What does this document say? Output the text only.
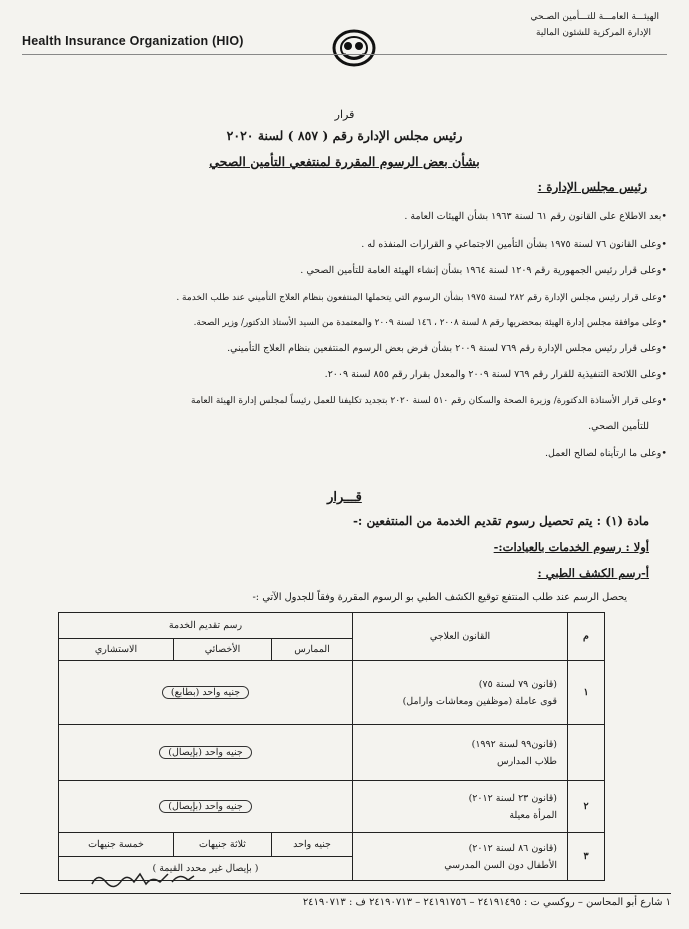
Health Insurance Organization (HIO)
الهيئـــة العامـــة للتـــأمين الصـحي
الإدارة المركزية للشئون المالية
قرار
رئيس مجلس الإدارة رقم ( ٨٥٧ ) لسنة ٢٠٢٠
بشأن بعض الرسوم المقررة لمنتفعي التأمين الصحي
رئيس مجلس الإدارة :
•بعد الاطلاع على القانون رقم ٦١ لسنة ١٩٦٣ بشأن الهيئات العامة .
•وعلى القانون ٧٦ لسنة ١٩٧٥ بشأن التأمين الاجتماعي و القرارات المنفذه له .
•وعلى قرار رئيس الجمهورية رقم ١٢٠٩ لسنة ١٩٦٤ بشأن إنشاء الهيئة العامة للتأمين الصحي .
•وعلى قرار رئيس مجلس الإدارة رقم ٢٨٢ لسنة ١٩٧٥ بشأن الرسوم التي يتحملها المنتفعون بنظام العلاج التأميني عند طلب الخدمة .
•وعلى موافقة مجلس إدارة الهيئة بمحضريها رقم ٨ لسنة ٢٠٠٨ ، ١٤٦ لسنة ٢٠٠٩ والمعتمدة من السيد الأستاذ الدكتور/ وزير الصحة.
•وعلى قرار رئيس مجلس الإدارة رقم ٧٦٩ لسنة ٢٠٠٩ بشأن فرض بعض الرسوم المنتفعين بنظام العلاج التأميني.
•وعلى اللائحة التنفيذية للقرار رقم ٧٦٩ لسنة ٢٠٠٩ والمعدل بقرار رقم ٨٥٥ لسنة ٢٠٠٩.
•وعلى قرار الأستاذة الدكتورة/ وزيرة الصحة والسكان رقم ٥١٠ لسنة ٢٠٢٠ بتجديد تكليفنا للعمل رئيساً لمجلس إدارة الهيئة العامة
للتأمين الصحي.
•وعلى ما ارتأيناه لصالح العمل.
قـــرار
مادة (١) : يتم تحصيل رسوم تقديم الخدمة من المنتفعين :-
أولا : رسوم الخدمات بالعيادات:-
أ-رسم الكشف الطبي :
يحصل الرسم عند طلب المنتفع توقيع الكشف الطبي بو الرسوم المقررة وفقاً للجدول الآتي :-
م	القانون العلاجي	رسم تقديم الخدمة		
		الممارس	الأخصائي	الاستشاري
١	(قانون ٧٩ لسنة ٧٥)
قوى عاملة (موظفين ومعاشات وارامل)	جنيه واحد (بطابع)		

	(قانون٩٩ لسنة ١٩٩٢)
طلاب المدارس	جنيه واحد (بإيصال)		
٢	(قانون ٢٣ لسنة ٢٠١٢)
المرأة معيلة	جنيه واحد (بإيصال)		
٣	(قانون ٨٦ لسنة ٢٠١٢)
الأطفال دون السن المدرسي	جنيه واحد	ثلاثة جنيهات	خمسة جنيهات
		( بإيصال غير محدد القيمة )		
١ شارع أبو المحاسن – روكسي ت : ٢٤١٩١٤٩٥ – ٢٤١٩١٧٥٦ – ٢٤١٩٠٧١٣ ف : ٢٤١٩٠٧١٣
